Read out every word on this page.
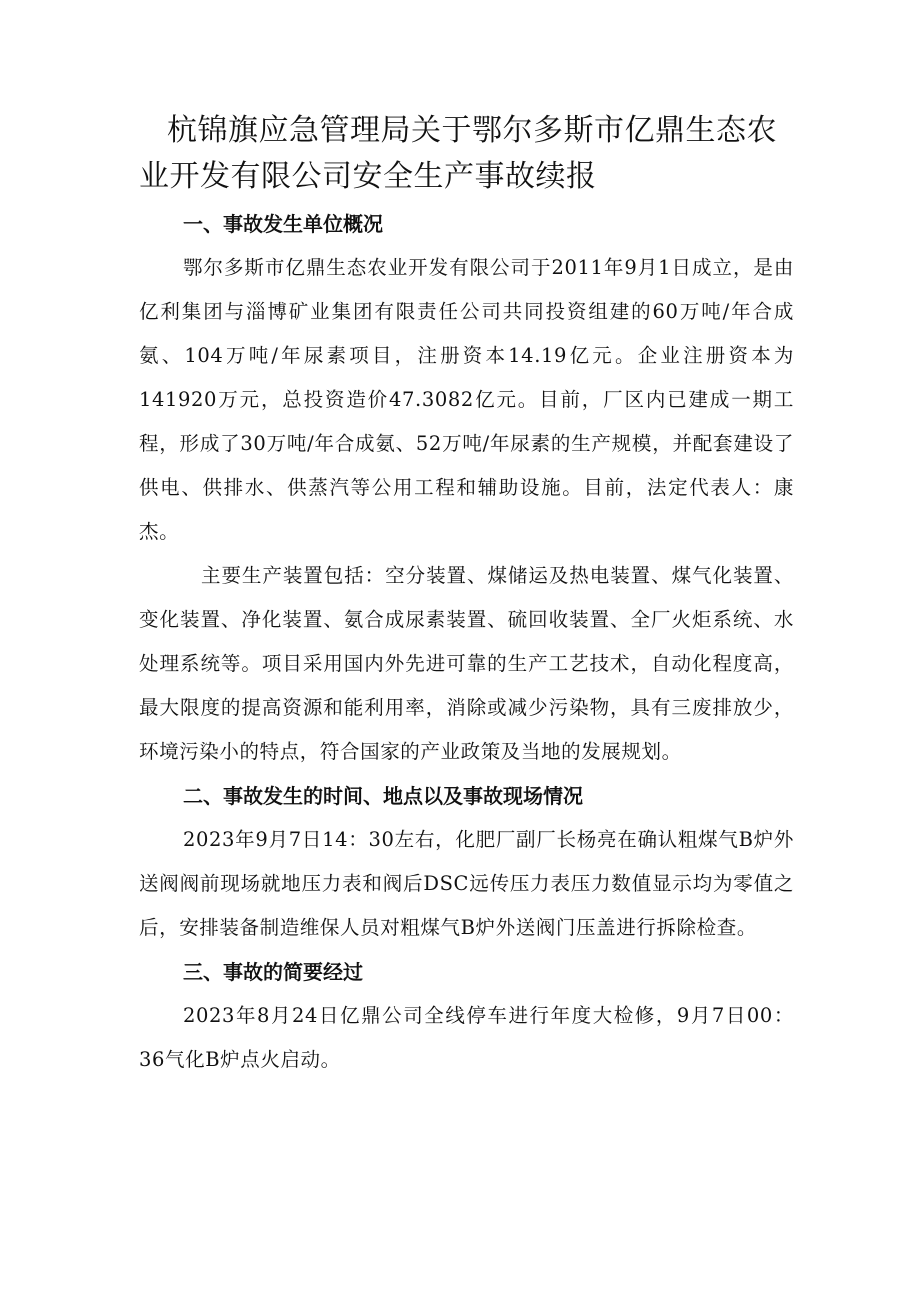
杭锦旗应急管理局关于鄂尔多斯市亿鼎生态农业开发有限公司安全生产事故续报

一、事故发生单位概况

鄂尔多斯市亿鼎生态农业开发有限公司于2011年9月1日成立，是由亿利集团与淄博矿业集团有限责任公司共同投资组建的60万吨/年合成氨、104万吨/年尿素项目，注册资本14.19亿元。企业注册资本为141920万元，总投资造价47.3082亿元。目前，厂区内已建成一期工程，形成了30万吨/年合成氨、52万吨/年尿素的生产规模，并配套建设了供电、供排水、供蒸汽等公用工程和辅助设施。目前，法定代表人：康杰。

主要生产装置包括：空分装置、煤储运及热电装置、煤气化装置、变化装置、净化装置、氨合成尿素装置、硫回收装置、全厂火炬系统、水处理系统等。项目采用国内外先进可靠的生产工艺技术，自动化程度高，最大限度的提高资源和能利用率，消除或减少污染物，具有三废排放少，环境污染小的特点，符合国家的产业政策及当地的发展规划。

二、事故发生的时间、地点以及事故现场情况

2023年9月7日14：30左右，化肥厂副厂长杨亮在确认粗煤气B炉外送阀阀前现场就地压力表和阀后DSC远传压力表压力数值显示均为零值之后，安排装备制造维保人员对粗煤气B炉外送阀门压盖进行拆除检查。

三、事故的简要经过

2023年8月24日亿鼎公司全线停车进行年度大检修，9月7日00：36气化B炉点火启动。
